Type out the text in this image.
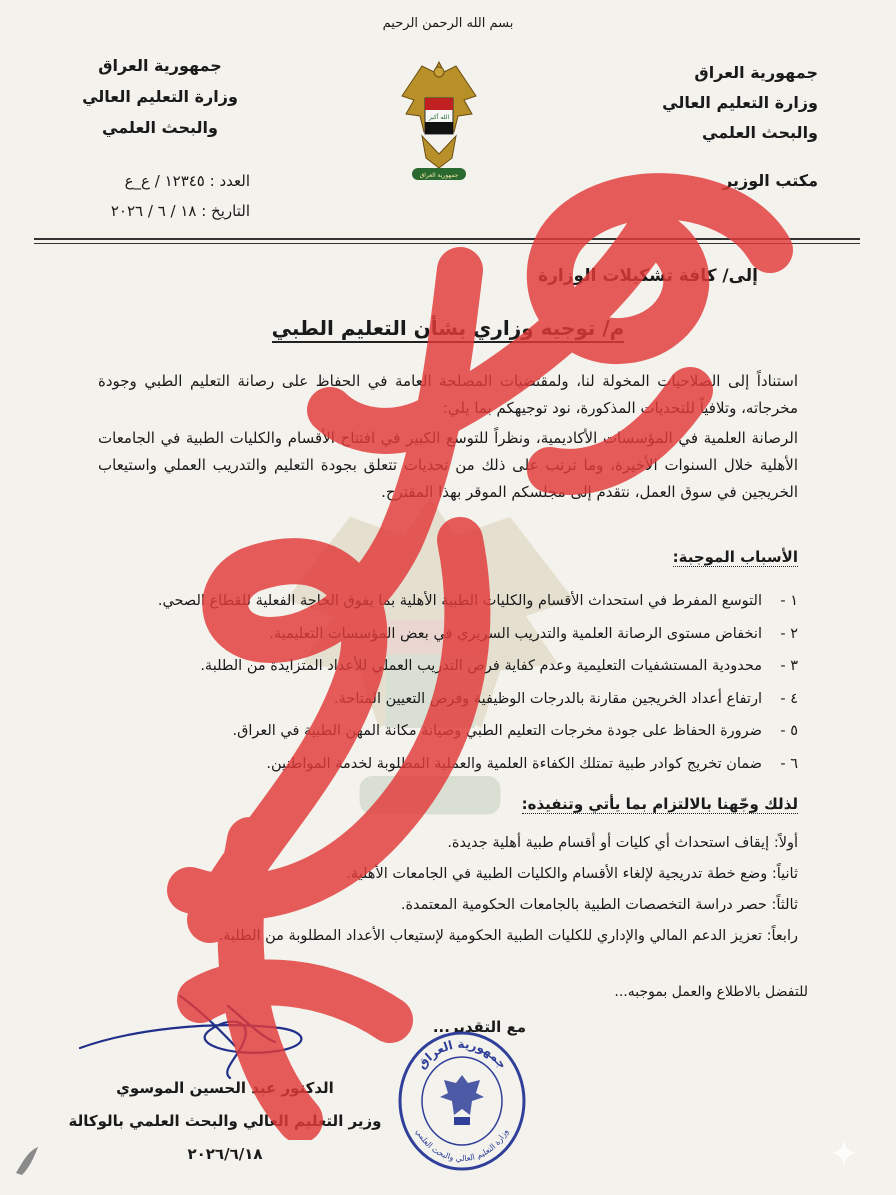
بسم الله الرحمن الرحيم
جمهورية العراق
وزارة التعليم العالي
والبحث العلمي
مكتب الوزير
جمهورية العراق
وزارة التعليم العالي
والبحث العلمي
العدد : ١٢٣٤٥ / ع_ع
التاريخ : ١٨ / ٦ / ٢٠٢٦
الله أكبر
جمهورية العراق
إلى/ كافة تشكيلات الوزارة
م/ توجيه وزاري بشأن التعليم الطبي

استناداً إلى الصلاحيات المخولة لنا، ولمقتضيات المصلحة العامة في الحفاظ على رصانة التعليم الطبي وجودة مخرجاته، وتلافياً للتحديات المذكورة، نود توجيهكم بما يلي:

الرصانة العلمية في المؤسسات الأكاديمية، ونظراً للتوسع الكبير في افتتاح الأقسام والكليات الطبية في الجامعات الأهلية خلال السنوات الأخيرة، وما ترتب على ذلك من تحديات تتعلق بجودة التعليم والتدريب العملي واستيعاب الخريجين في سوق العمل، نتقدم إلى مجلسكم الموقر بهذا المقترح.

الأسباب الموجبة:
١ -التوسع المفرط في استحداث الأقسام والكليات الطبية الأهلية بما يفوق الحاجة الفعلية للقطاع الصحي.
٢ -انخفاض مستوى الرصانة العلمية والتدريب السريري في بعض المؤسسات التعليمية.
٣ -محدودية المستشفيات التعليمية وعدم كفاية فرص التدريب العملي للأعداد المتزايدة من الطلبة.
٤ -ارتفاع أعداد الخريجين مقارنة بالدرجات الوظيفية وفرص التعيين المتاحة.
٥ -ضرورة الحفاظ على جودة مخرجات التعليم الطبي وصيانة مكانة المهن الطبية في العراق.
٦ -ضمان تخريج كوادر طبية تمتلك الكفاءة العلمية والعملية المطلوبة لخدمة المواطنين.
لذلك وجّهنا بالالتزام بما يأتي وتنفيذه:
أولاً: إيقاف استحداث أي كليات أو أقسام طبية أهلية جديدة.
ثانياً: وضع خطة تدريجية لإلغاء الأقسام والكليات الطبية في الجامعات الأهلية.
ثالثاً: حصر دراسة التخصصات الطبية بالجامعات الحكومية المعتمدة.
رابعاً: تعزيز الدعم المالي والإداري للكليات الطبية الحكومية لإستيعاب الأعداد المطلوبة من الطلبة.
للتفضل بالاطلاع والعمل بموجبه...
مع التقدير...
جمهورية العراق
وزارة التعليم العالي والبحث العلمي
الدكتور عبد الحسين الموسوي
وزير التعليم العالي والبحث العلمي بالوكالة
٢٠٢٦/٦/١٨
